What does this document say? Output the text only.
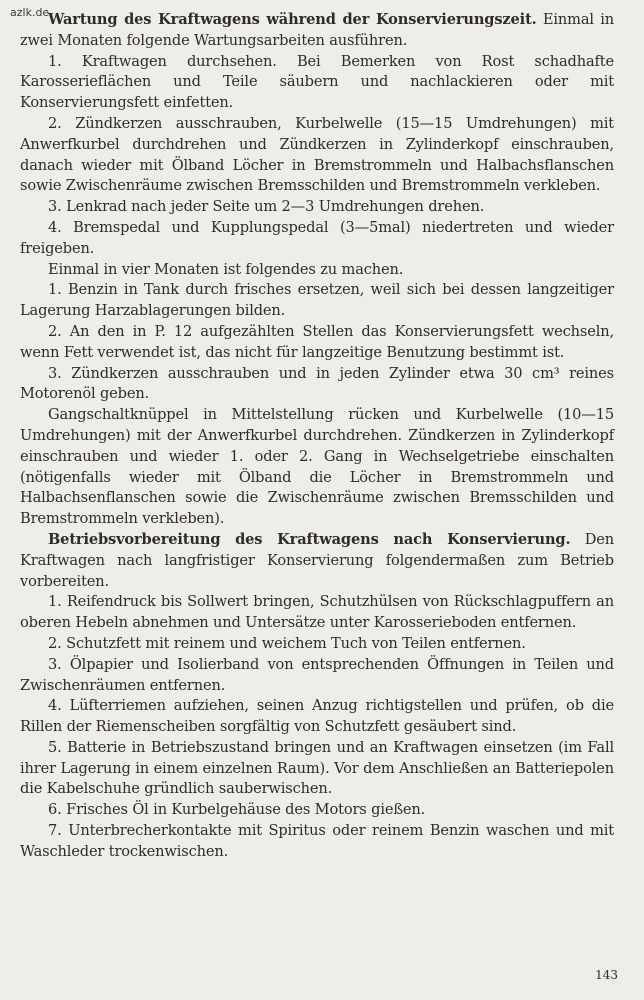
azlk.de

Wartung des Kraftwagens während der Konservierungszeit. Einmal in zwei Monaten folgende Wartungsarbeiten ausführen.

1. Kraftwagen durchsehen. Bei Bemerken von Rost schadhafte Karosserieflächen und Teile säubern und nachlackieren oder mit Konservierungsfett einfetten.

2. Zündkerzen ausschrauben, Kurbelwelle (15—15 Umdrehungen) mit Anwerfkurbel durchdrehen und Zündkerzen in Zylinderkopf einschrauben, danach wieder mit Ölband Löcher in Bremstrommeln und Halbachsflanschen sowie Zwischenräume zwischen Bremsschilden und Bremstrommeln verkleben.

3. Lenkrad nach jeder Seite um 2—3 Umdrehungen drehen.

4. Bremspedal und Kupplungspedal (3—5mal) niedertreten und wieder freigeben.

Einmal in vier Monaten ist folgendes zu machen.

1. Benzin in Tank durch frisches ersetzen, weil sich bei dessen langzeitiger Lagerung Harzablagerungen bilden.

2. An den in P. 12 aufgezählten Stellen das Konservierungsfett wechseln, wenn Fett verwendet ist, das nicht für langzeitige Benutzung bestimmt ist.

3. Zündkerzen ausschrauben und in jeden Zylinder etwa 30 cm³ reines Motorenöl geben.

Gangschaltknüppel in Mittelstellung rücken und Kurbelwelle (10—15 Umdrehungen) mit der Anwerfkurbel durchdrehen. Zündkerzen in Zylinderkopf einschrauben und wieder 1. oder 2. Gang in Wechselgetriebe einschalten (nötigenfalls wieder mit Ölband die Löcher in Bremstrommeln und Halbachsenflanschen sowie die Zwischenräume zwischen Bremsschilden und Bremstrommeln verkleben).

Betriebsvorbereitung des Kraftwagens nach Konservierung. Den Kraftwagen nach langfristiger Konservierung folgendermaßen zum Betrieb vorbereiten.

1. Reifendruck bis Sollwert bringen, Schutzhülsen von Rückschlagpuffern an oberen Hebeln abnehmen und Untersätze unter Karosserieboden entfernen.

2. Schutzfett mit reinem und weichem Tuch von Teilen entfernen.

3. Ölpapier und Isolierband von entsprechenden Öffnungen in Teilen und Zwischenräumen entfernen.

4. Lüfterriemen aufziehen, seinen Anzug richtigstellen und prüfen, ob die Rillen der Riemenscheiben sorgfältig von Schutzfett gesäubert sind.

5. Batterie in Betriebszustand bringen und an Kraftwagen einsetzen (im Fall ihrer Lagerung in einem einzelnen Raum). Vor dem Anschließen an Batteriepolen die Kabelschuhe gründlich sauberwischen.

6. Frisches Öl in Kurbelgehäuse des Motors gießen.

7. Unterbrecherkontakte mit Spiritus oder reinem Benzin waschen und mit Waschleder trockenwischen.

143
